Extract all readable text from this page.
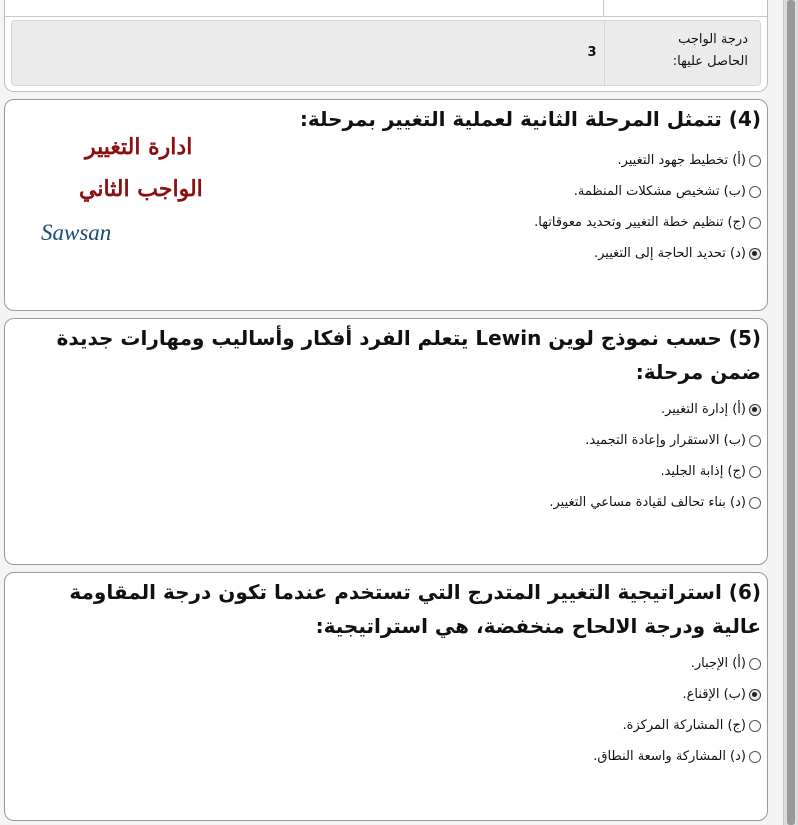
درجة الواجب
الحاصل عليها:
3
(4) تتمثل المرحلة الثانية لعملية التغيير بمرحلة:
(أ) تخطيط جهود التغيير.
(ب) تشخيص مشكلات المنظمة.
(ج) تنظيم خطة التغيير وتحديد معوقاتها.
(د) تحديد الحاجة إلى التغيير.
ادارة التغيير
الواجب الثاني
Sawsan
(5) حسب نموذج لوين Lewin يتعلم الفرد أفكار وأساليب ومهارات جديدة ضمن مرحلة:
(أ) إدارة التغيير.
(ب) الاستقرار وإعادة التجميد.
(ج) إذابة الجليد.
(د) بناء تحالف لقيادة مساعي التغيير.
(6) استراتيجية التغيير المتدرج التي تستخدم عندما تكون درجة المقاومة عالية ودرجة الالحاح منخفضة، هي استراتيجية:
(أ) الإجبار.
(ب) الإقناع.
(ج) المشاركة المركزة.
(د) المشاركة واسعة النطاق.
